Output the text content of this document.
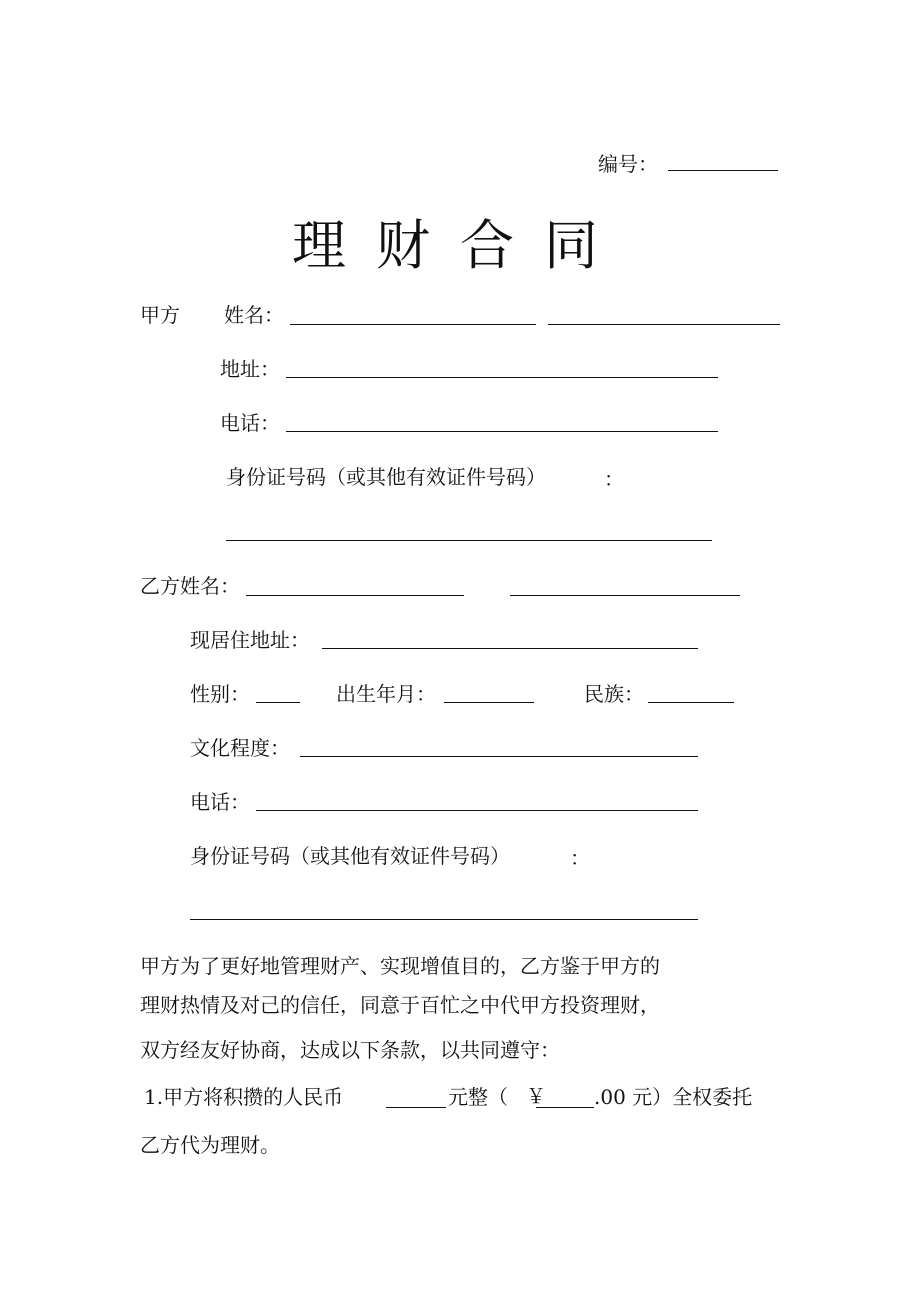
编号：
理财合同
甲方 姓名：
地址：
电话：
身份证号码（或其他有效证件号码）	：
乙方姓名：
现居住地址：
性别：	出生年月：	民族：
文化程度：
电话：
身份证号码（或其他有效证件号码）	：
甲方为了更好地管理财产、实现增值目的，乙方鉴于甲方的
理财热情及对己的信任，同意于百忙之中代甲方投资理财，
双方经友好协商，达成以下条款，以共同遵守：
1.甲方将积攒的人民币	元整（ ￥ .00 元）全权委托
乙方代为理财。
